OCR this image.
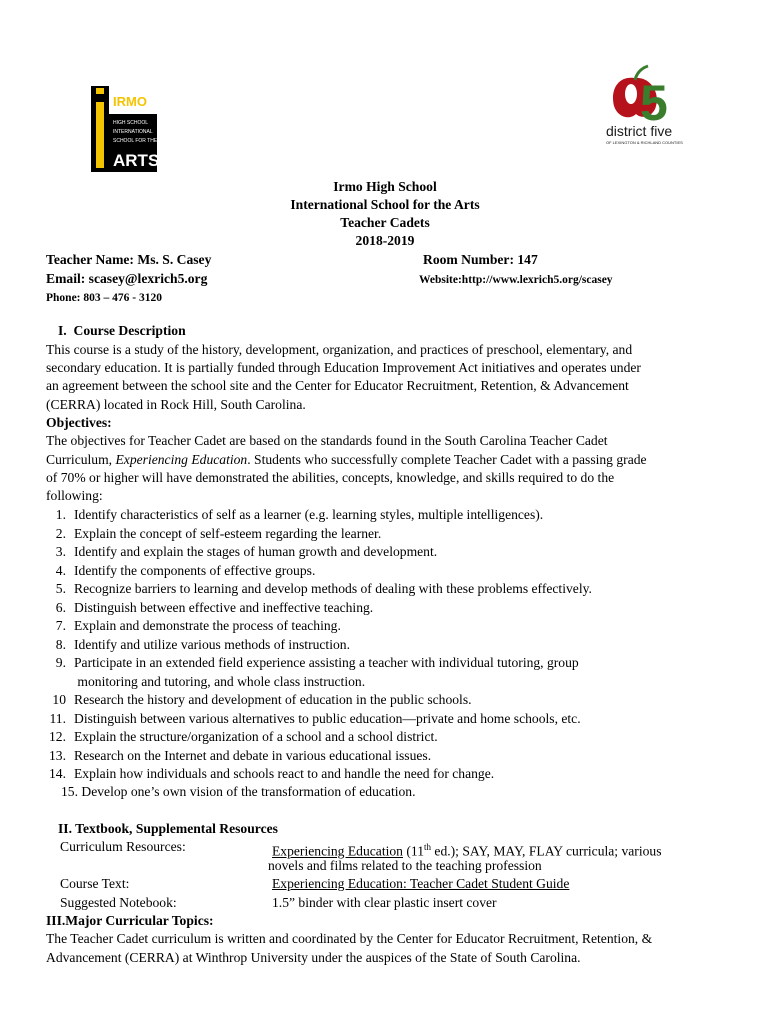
IRMO
HIGH SCHOOL
INTERNATIONAL
SCHOOL FOR THE
ARTS
5
district five
OF LEXINGTON & RICHLAND COUNTIES
Irmo High School
International School for the Arts
Teacher Cadets
2018-2019
Teacher Name: Ms. S. Casey	Room Number: 147
Email: scasey@lexrich5.org	Website:http://www.lexrich5.org/scasey
Phone: 803 – 476 - 3120
I. Course Description
This course is a study of the history, development, organization, and practices of preschool, elementary, and
secondary education. It is partially funded through Education Improvement Act initiatives and operates under
an agreement between the school site and the Center for Educator Recruitment, Retention, & Advancement
(CERRA) located in Rock Hill, South Carolina.
Objectives:
The objectives for Teacher Cadet are based on the standards found in the South Carolina Teacher Cadet
Curriculum, Experiencing Education. Students who successfully complete Teacher Cadet with a passing grade
of 70% or higher will have demonstrated the abilities, concepts, knowledge, and skills required to do the
following:
1. Identify characteristics of self as a learner (e.g. learning styles, multiple intelligences).
2. Explain the concept of self-esteem regarding the learner.
3. Identify and explain the stages of human growth and development.
4. Identify the components of effective groups.
5. Recognize barriers to learning and develop methods of dealing with these problems effectively.
6. Distinguish between effective and ineffective teaching.
7. Explain and demonstrate the process of teaching.
8. Identify and utilize various methods of instruction.
9. Participate in an extended field experience assisting a teacher with individual tutoring, group
monitoring and tutoring, and whole class instruction.
10 Research the history and development of education in the public schools.
11. Distinguish between various alternatives to public education—private and home schools, etc.
12. Explain the structure/organization of a school and a school district.
13. Research on the Internet and debate in various educational issues.
14. Explain how individuals and schools react to and handle the need for change.
15. Develop one’s own vision of the transformation of education.
II. Textbook, Supplemental Resources
Curriculum Resources:	Experiencing Education (11th ed.); SAY, MAY, FLAY curricula; various
novels and films related to the teaching profession
Course Text:	Experiencing Education: Teacher Cadet Student Guide
Suggested Notebook:	1.5” binder with clear plastic insert cover
III.Major Curricular Topics:
The Teacher Cadet curriculum is written and coordinated by the Center for Educator Recruitment, Retention, &
Advancement (CERRA) at Winthrop University under the auspices of the State of South Carolina.
